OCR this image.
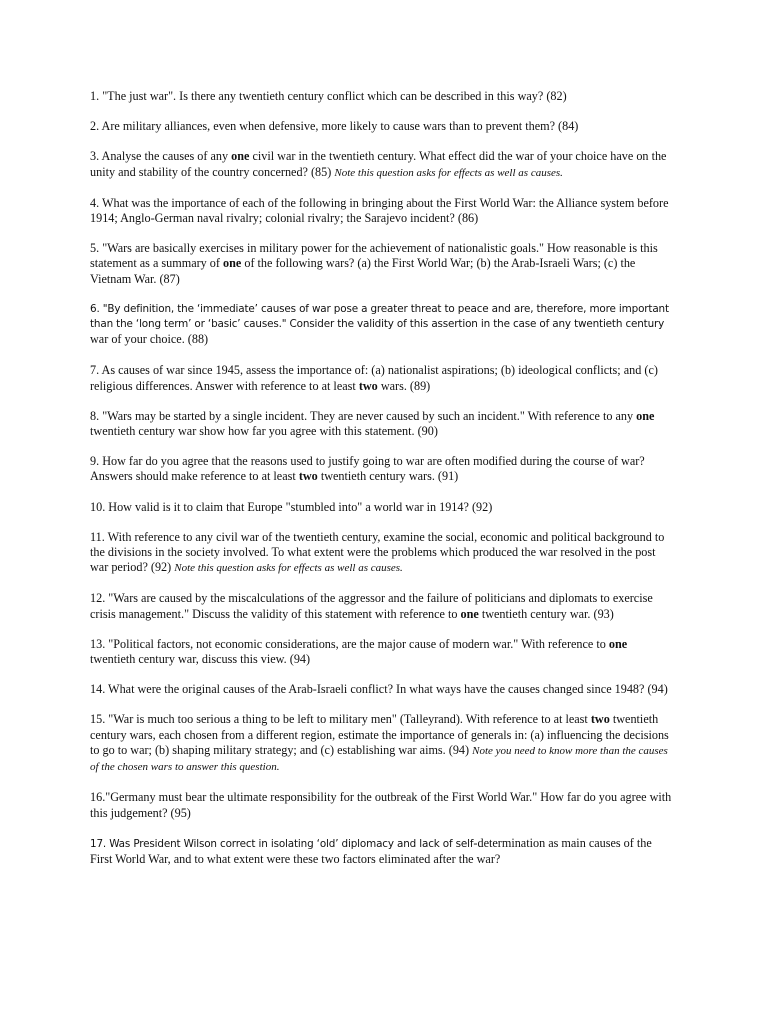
1. "The just war". Is there any twentieth century conflict which can be described in this way? (82)

2. Are military alliances, even when defensive, more likely to cause wars than to prevent them? (84)

3. Analyse the causes of any one civil war in the twentieth century. What effect did the war of your choice have on the unity and stability of the country concerned? (85) Note this question asks for effects as well as causes.

4. What was the importance of each of the following in bringing about the First World War: the Alliance system before 1914; Anglo-German naval rivalry; colonial rivalry; the Sarajevo incident? (86)

5. "Wars are basically exercises in military power for the achievement of nationalistic goals." How reasonable is this statement as a summary of one of the following wars? (a) the First World War; (b) the Arab-Israeli Wars; (c) the Vietnam War. (87)

6. "By definition, the ‘immediate’ causes of war pose a greater threat to peace and are, therefore, more important than the ‘long term’ or ‘basic’ causes." Consider the validity of this assertion in the case of any twentieth century war of your choice. (88)

7. As causes of war since 1945, assess the importance of: (a) nationalist aspirations; (b) ideological conflicts; and (c) religious differences. Answer with reference to at least two wars. (89)

8. "Wars may be started by a single incident. They are never caused by such an incident." With reference to any one twentieth century war show how far you agree with this statement. (90)

9. How far do you agree that the reasons used to justify going to war are often modified during the course of war? Answers should make reference to at least two twentieth century wars. (91)

10. How valid is it to claim that Europe "stumbled into" a world war in 1914? (92)

11. With reference to any civil war of the twentieth century, examine the social, economic and political background to the divisions in the society involved. To what extent were the problems which produced the war resolved in the post war period? (92) Note this question asks for effects as well as causes.

12. "Wars are caused by the miscalculations of the aggressor and the failure of politicians and diplomats to exercise crisis management." Discuss the validity of this statement with reference to one twentieth century war. (93)

13. "Political factors, not economic considerations, are the major cause of modern war." With reference to one twentieth century war, discuss this view. (94)

14. What were the original causes of the Arab-Israeli conflict? In what ways have the causes changed since 1948? (94)

15. "War is much too serious a thing to be left to military men" (Talleyrand). With reference to at least two twentieth century wars, each chosen from a different region, estimate the importance of generals in: (a) influencing the decisions to go to war; (b) shaping military strategy; and (c) establishing war aims. (94) Note you need to know more than the causes of the chosen wars to answer this question.

16."Germany must bear the ultimate responsibility for the outbreak of the First World War." How far do you agree with this judgement? (95)

17. Was President Wilson correct in isolating ‘old’ diplomacy and lack of self-determination as main causes of the First World War, and to what extent were these two factors eliminated after the war?
